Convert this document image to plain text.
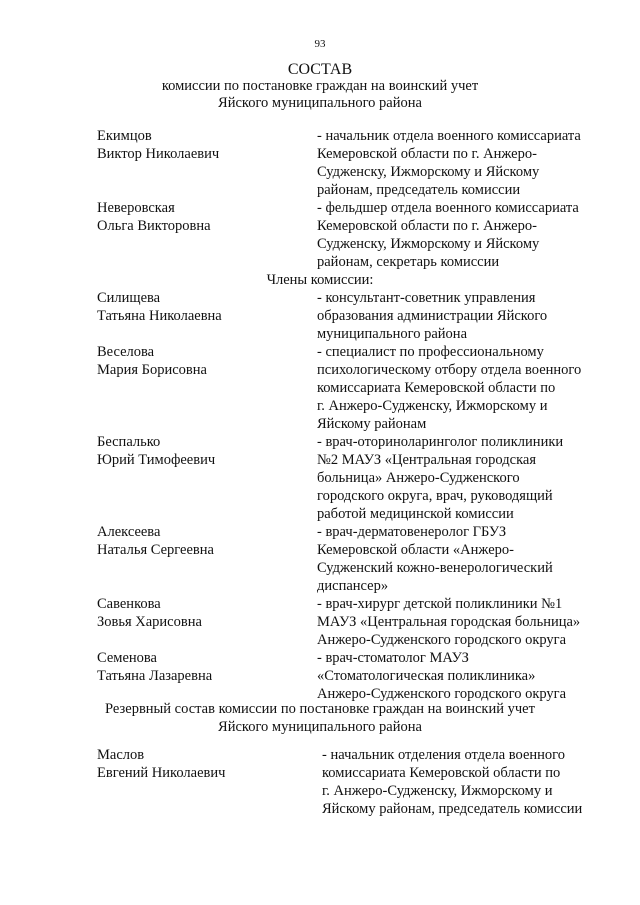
93
СОСТАВ
комиссии по постановке граждан на воинский учет
Яйского муниципального района
Екимцов
Виктор Николаевич
- начальник отдела военного комиссариата
Кемеровской области по г. Анжеро-
Судженску, Ижморскому и Яйскому
районам, председатель комиссии
Неверовская
Ольга Викторовна
- фельдшер отдела военного комиссариата
Кемеровской области по г. Анжеро-
Судженску, Ижморскому и Яйскому
районам, секретарь комиссии
Члены комиссии:
Силищева
Татьяна Николаевна
- консультант-советник управления
образования администрации Яйского
муниципального района
Веселова
Мария Борисовна
- специалист по профессиональному
психологическому отбору отдела военного
комиссариата Кемеровской области по
г. Анжеро-Судженску, Ижморскому и
Яйскому районам
Беспалько
Юрий Тимофеевич
- врач-оториноларинголог поликлиники
№2 МАУЗ «Центральная городская
больница» Анжеро-Судженского
городского округа, врач, руководящий
работой медицинской комиссии
Алексеева
Наталья Сергеевна
- врач-дерматовенеролог ГБУЗ
Кемеровской области «Анжеро-
Судженский кожно-венерологический
диспансер»
Савенкова
Зовья Харисовна
- врач-хирург детской поликлиники №1
МАУЗ «Центральная городская больница»
Анжеро-Судженского городского округа
Семенова
Татьяна Лазаревна
- врач-стоматолог МАУЗ
«Стоматологическая поликлиника»
Анжеро-Судженского городского округа
Резервный состав комиссии по постановке граждан на воинский учет
Яйского муниципального района
Маслов
Евгений Николаевич
- начальник отделения отдела военного
комиссариата Кемеровской области по
г. Анжеро-Судженску, Ижморскому и
Яйскому районам, председатель комиссии
